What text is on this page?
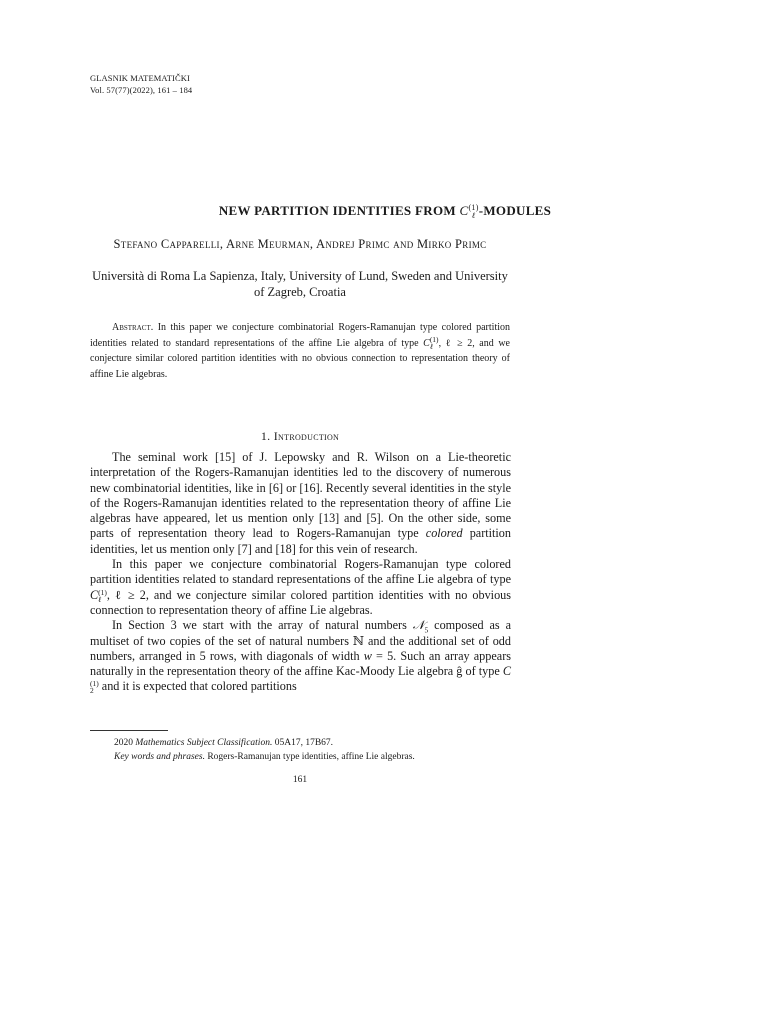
GLASNIK MATEMATIČKI
Vol. 57(77)(2022), 161 – 184
NEW PARTITION IDENTITIES FROM C (1)
ℓ -MODULES
Stefano Capparelli, Arne Meurman, Andrej Primc and Mirko Primc
Università di Roma La Sapienza, Italy, University of Lund, Sweden and University of Zagreb, Croatia
Abstract. In this paper we conjecture combinatorial Rogers-Ramanujan type colored partition identities related to standard representations of the affine Lie algebra of type C (1)
ℓ , ℓ ≥ 2, and we conjecture similar colored partition identities with no obvious connection to representation theory of affine Lie algebras.
1. Introduction

The seminal work [15] of J. Lepowsky and R. Wilson on a Lie-theoretic interpretation of the Rogers-Ramanujan identities led to the discovery of numerous new combinatorial identities, like in [6] or [16]. Recently several identities in the style of the Rogers-Ramanujan identities related to the representation theory of affine Lie algebras have appeared, let us mention only [13] and [5]. On the other side, some parts of representation theory lead to Rogers-Ramanujan type colored partition identities, let us mention only [7] and [18] for this vein of research.

In this paper we conjecture combinatorial Rogers-Ramanujan type colored partition identities related to standard representations of the affine Lie algebra of type C (1)
ℓ , ℓ ≥ 2, and we conjecture similar colored partition identities with no obvious connection to representation theory of affine Lie algebras.

In Section 3 we start with the array of natural numbers 𝒩$_5$ composed as a multiset of two copies of the set of natural numbers ℕ and the additional set of odd numbers, arranged in 5 rows, with diagonals of width w = 5. Such an array appears naturally in the representation theory of the affine Kac-Moody Lie algebra ĝ of type C
(1)
2 and it is expected that colored partitions

2020 Mathematics Subject Classification. 05A17, 17B67.
Key words and phrases. Rogers-Ramanujan type identities, affine Lie algebras.
161
